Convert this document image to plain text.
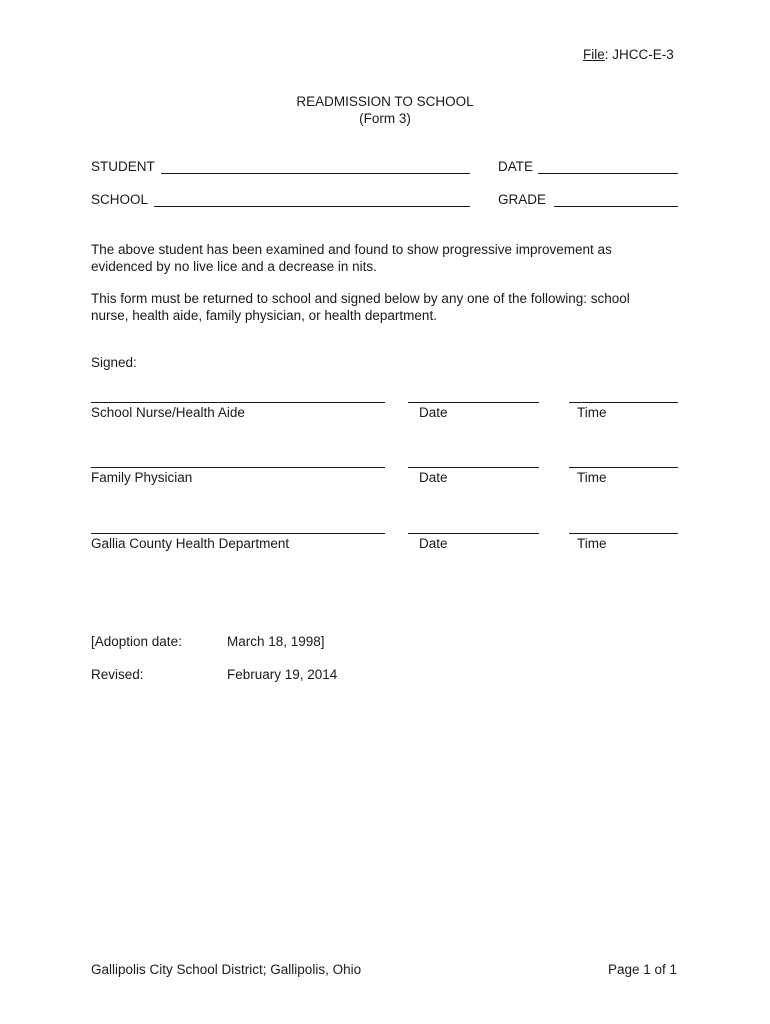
File: JHCC-E-3
READMISSION TO SCHOOL
(Form 3)
STUDENT	DATE
SCHOOL	GRADE
The above student has been examined and found to show progressive improvement as evidenced by no live lice and a decrease in nits.
This form must be returned to school and signed below by any one of the following: school nurse, health aide, family physician, or health department.
Signed:
School Nurse/Health Aide	Date	Time
Family Physician	Date	Time
Gallia County Health Department	Date	Time
[Adoption date:	March 18, 1998]
Revised:	February 19, 2014
Gallipolis City School District; Gallipolis, Ohio	Page 1 of 1
